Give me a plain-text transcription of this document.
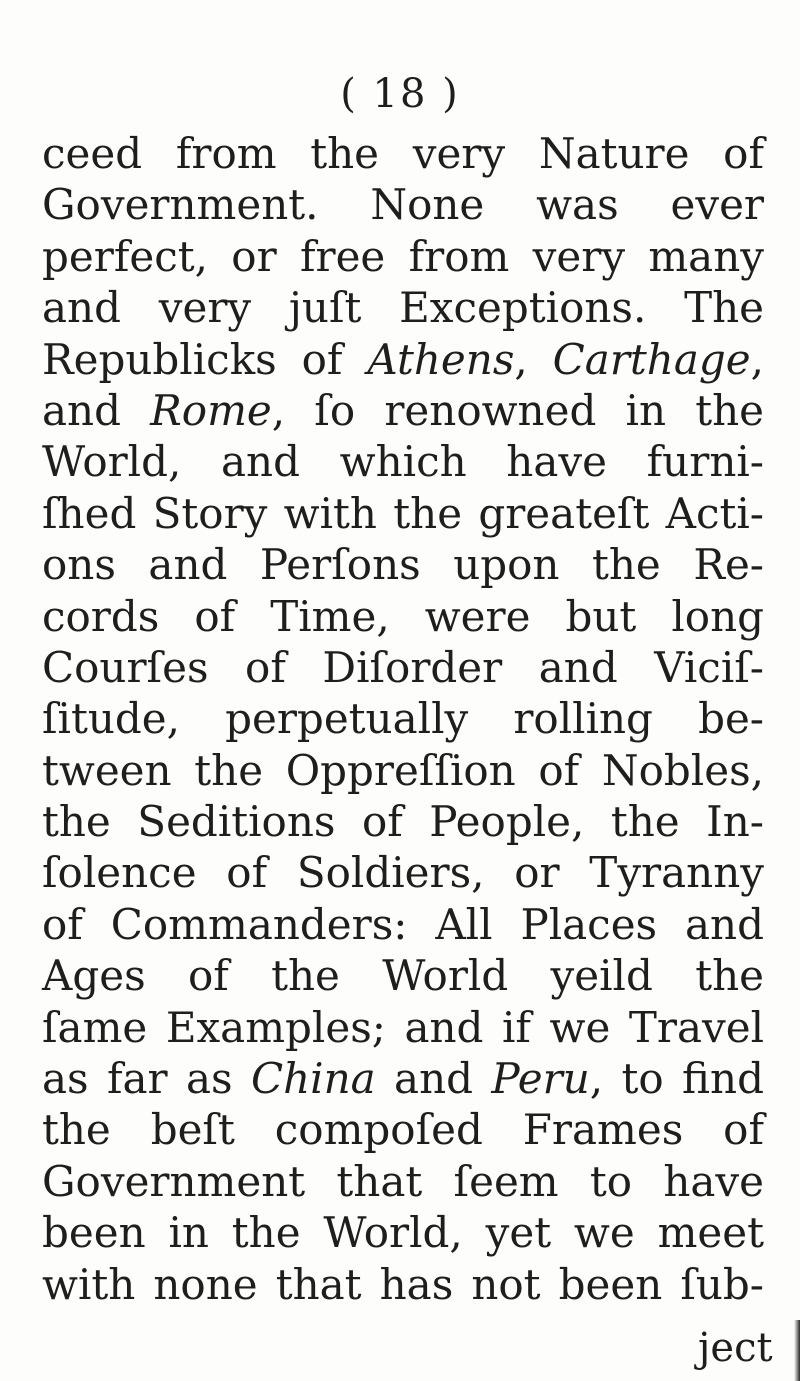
( 18 )
ceed from the very Nature of
Government. None was ever
perfect, or free from very many
and very juſt Exceptions. The
Republicks of Athens, Carthage,
and Rome, ſo renowned in the
World, and which have furni-
ſhed Story with the greateſt Acti-
ons and Perſons upon the Re-
cords of Time, were but long
Courſes of Diſorder and Viciſ-
ſitude, perpetually rolling be-
tween the Oppreſſion of Nobles,
the Seditions of People, the In-
ſolence of Soldiers, or Tyranny
of Commanders: All Places and
Ages of the World yeild the
ſame Examples; and if we Travel
as far as China and Peru, to find
the beſt compoſed Frames of
Government that ſeem to have
been in the World, yet we meet
with none that has not been ſub-
ject
